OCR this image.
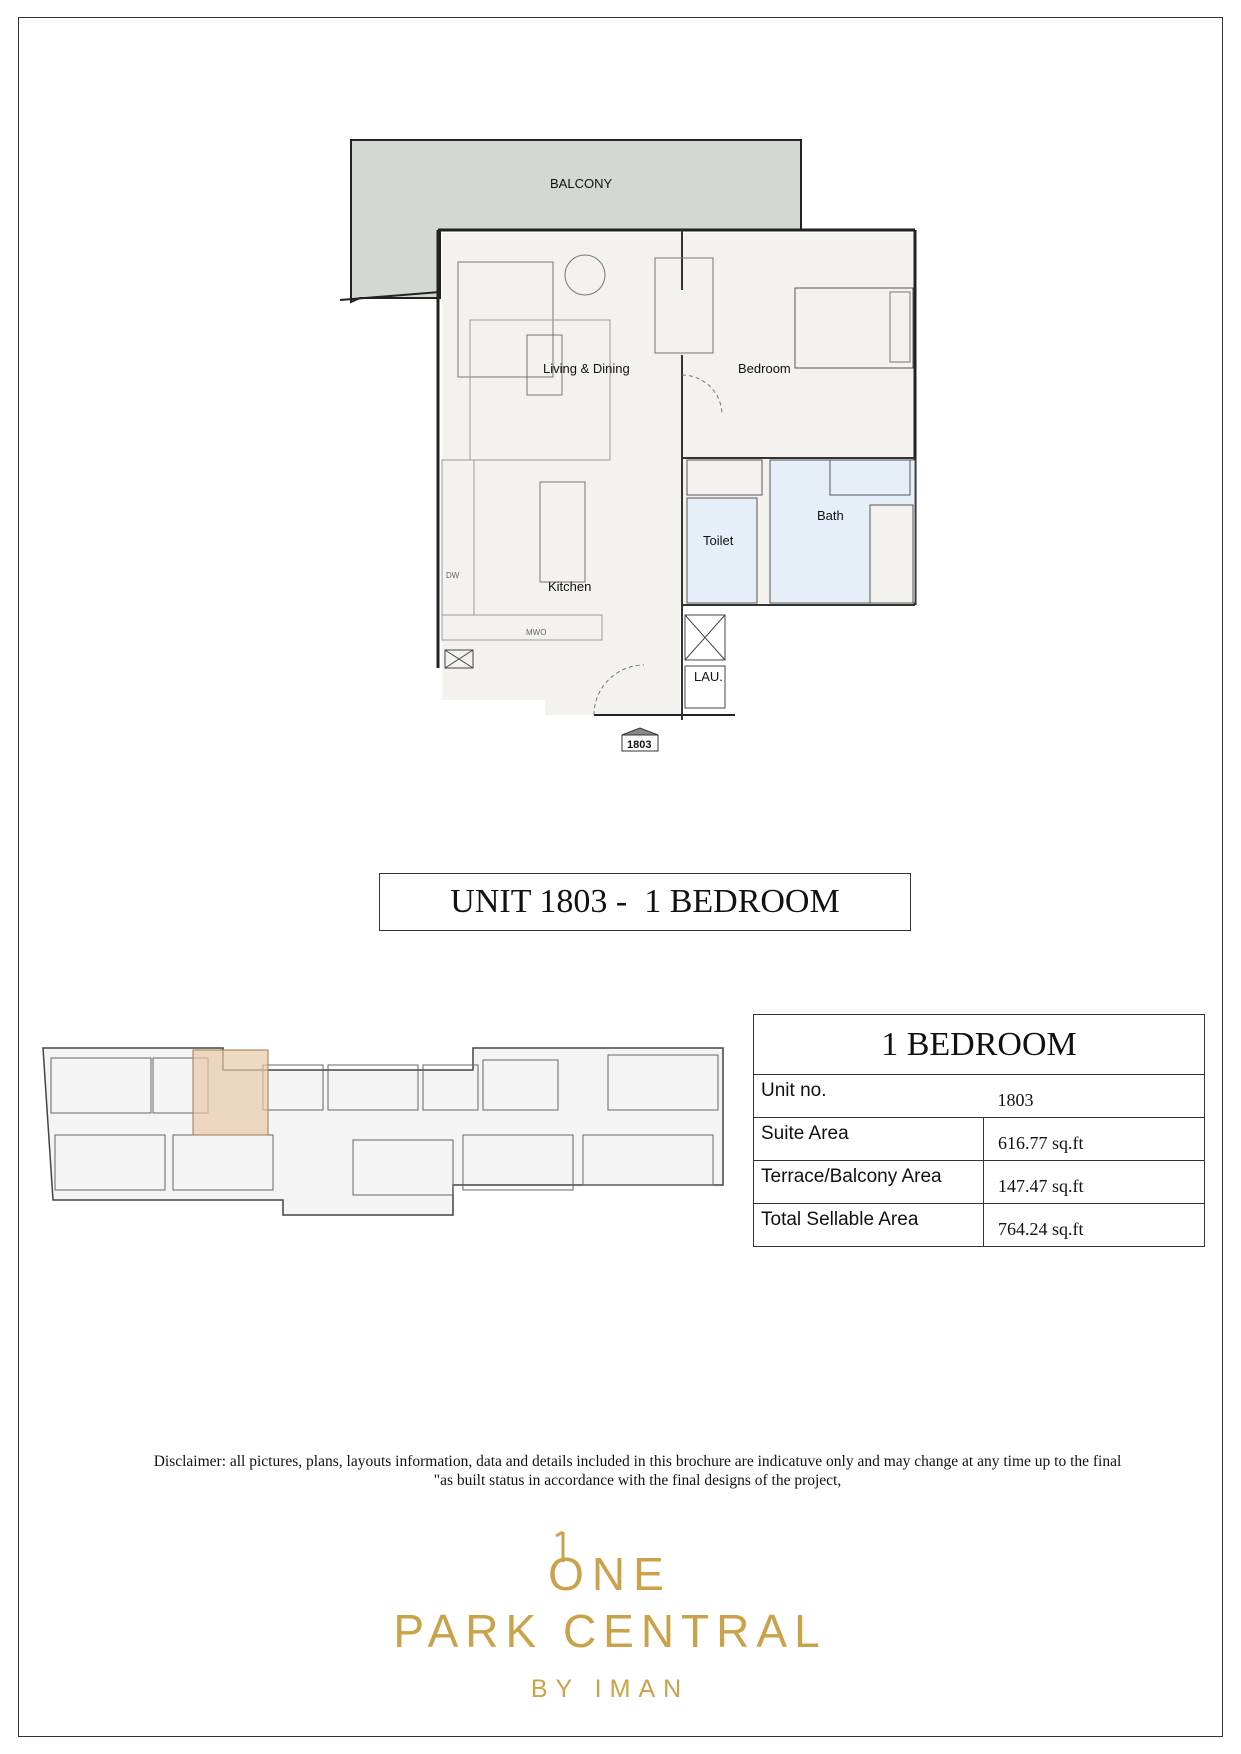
BALCONY
Living & Dining	Bedroom
Bath
Toilet
Kitchen
LAU.
DW
MWO
1803
UNIT 1803 -  1 BEDROOM
1 BEDROOM	
Unit no.	1803
Suite Area	616.77 sq.ft
Terrace/Balcony Area	147.47 sq.ft
Total Sellable Area	764.24 sq.ft
Disclaimer: all pictures, plans, layouts information, data and details included in this brochure are indicatuve only and may change at any time up to the final
"as built status in accordance with the final designs of the project,
ONE
PARK CENTRAL
BY IMAN
